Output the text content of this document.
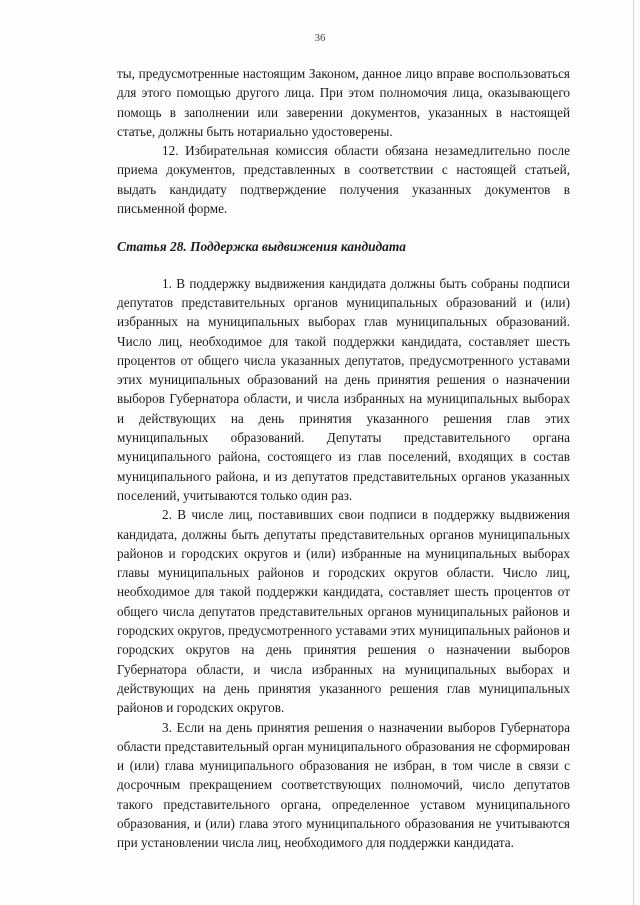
36

ты, предусмотренные настоящим Законом, данное лицо вправе воспользоваться для этого помощью другого лица. При этом полномочия лица, оказывающего помощь в заполнении или заверении документов, указанных в настоящей статье, должны быть нотариально удостоверены.

12. Избирательная комиссия области обязана незамедлительно после приема документов, представленных в соответствии с настоящей статьей, выдать кандидату подтверждение получения указанных документов в письменной форме.

Статья 28. Поддержка выдвижения кандидата

1. В поддержку выдвижения кандидата должны быть собраны подписи депутатов представительных органов муниципальных образований и (или) избранных на муниципальных выборах глав муниципальных образований. Число лиц, необходимое для такой поддержки кандидата, составляет шесть процентов от общего числа указанных депутатов, предусмотренного уставами этих муниципальных образований на день принятия решения о назначении выборов Губернатора области, и числа избранных на муниципальных выборах и действующих на день принятия указанного решения глав этих муниципальных образований. Депутаты представительного органа муниципального района, состоящего из глав поселений, входящих в состав муниципального района, и из депутатов представительных органов указанных поселений, учитываются только один раз.

2. В числе лиц, поставивших свои подписи в поддержку выдвижения кандидата, должны быть депутаты представительных органов муниципальных районов и городских округов и (или) избранные на муниципальных выборах главы муниципальных районов и городских округов области. Число лиц, необходимое для такой поддержки кандидата, составляет шесть процентов от общего числа депутатов представительных органов муниципальных районов и городских округов, предусмотренного уставами этих муниципальных районов и городских округов на день принятия решения о назначении выборов Губернатора области, и числа избранных на муниципальных выборах и действующих на день принятия указанного решения глав муниципальных районов и городских округов.

3. Если на день принятия решения о назначении выборов Губернатора области представительный орган муниципального образования не сформирован и (или) глава муниципального образования не избран, в том числе в связи с досрочным прекращением соответствующих полномочий, число депутатов такого представительного органа, определенное уставом муниципального образования, и (или) глава этого муниципального образования не учитываются при установлении числа лиц, необходимого для поддержки кандидата.
